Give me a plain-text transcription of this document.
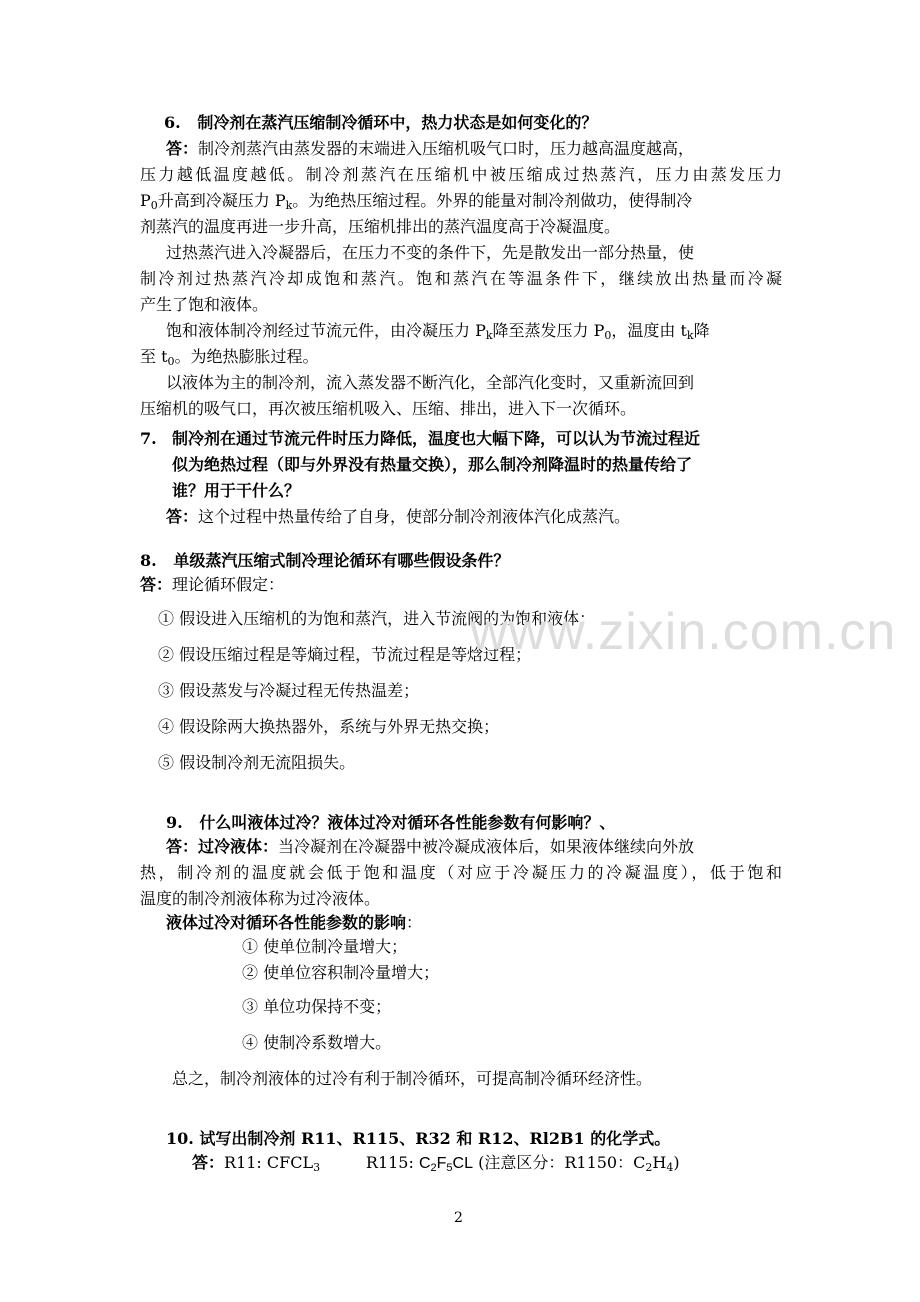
6. 制冷剂在蒸汽压缩制冷循环中，热力状态是如何变化的？
答：制冷剂蒸汽由蒸发器的末端进入压缩机吸气口时，压力越高温度越高，
压力越低温度越低。制冷剂蒸汽在压缩机中被压缩成过热蒸汽，压力由蒸发压力
$P_0$升高到冷凝压力 $P_k$。为绝热压缩过程。外界的能量对制冷剂做功，使得制冷
剂蒸汽的温度再进一步升高，压缩机排出的蒸汽温度高于冷凝温度。
过热蒸汽进入冷凝器后，在压力不变的条件下，先是散发出一部分热量，使
制冷剂过热蒸汽冷却成饱和蒸汽。饱和蒸汽在等温条件下，继续放出热量而冷凝
产生了饱和液体。
饱和液体制冷剂经过节流元件，由冷凝压力 $P_k$降至蒸发压力 $P_0$，温度由 $t_k$降
至 $t_0$。为绝热膨胀过程。
以液体为主的制冷剂，流入蒸发器不断汽化，全部汽化变时，又重新流回到
压缩机的吸气口，再次被压缩机吸入、压缩、排出，进入下一次循环。
7. 制冷剂在通过节流元件时压力降低，温度也大幅下降，可以认为节流过程近
似为绝热过程（即与外界没有热量交换），那么制冷剂降温时的热量传给了
谁？用于干什么？
答：这个过程中热量传给了自身，使部分制冷剂液体汽化成蒸汽。
8. 单级蒸汽压缩式制冷理论循环有哪些假设条件？
答：理论循环假定：
① 假设进入压缩机的为饱和蒸汽，进入节流阀的为饱和液体；
② 假设压缩过程是等熵过程，节流过程是等焓过程；
③ 假设蒸发与冷凝过程无传热温差；
④ 假设除两大换热器外，系统与外界无热交换；
⑤ 假设制冷剂无流阻损失。
9. 什么叫液体过冷？液体过冷对循环各性能参数有何影响？、
答：过冷液体：当冷凝剂在冷凝器中被冷凝成液体后，如果液体继续向外放
热，制冷剂的温度就会低于饱和温度（对应于冷凝压力的冷凝温度），低于饱和
温度的制冷剂液体称为过冷液体。
液体过冷对循环各性能参数的影响：
① 使单位制冷量增大；
② 使单位容积制冷量增大；
③ 单位功保持不变；
④ 使制冷系数增大。
总之，制冷剂液体的过冷有利于制冷循环，可提高制冷循环经济性。
10. 试写出制冷剂 R11、R115、R32 和 R12、Rl2B1 的化学式。
答：R11: $CFCL_3$	R115: $C_2F_5CL$ (注意区分：R1150：$C_2H_4$)
www.zixin.com.cn
2
